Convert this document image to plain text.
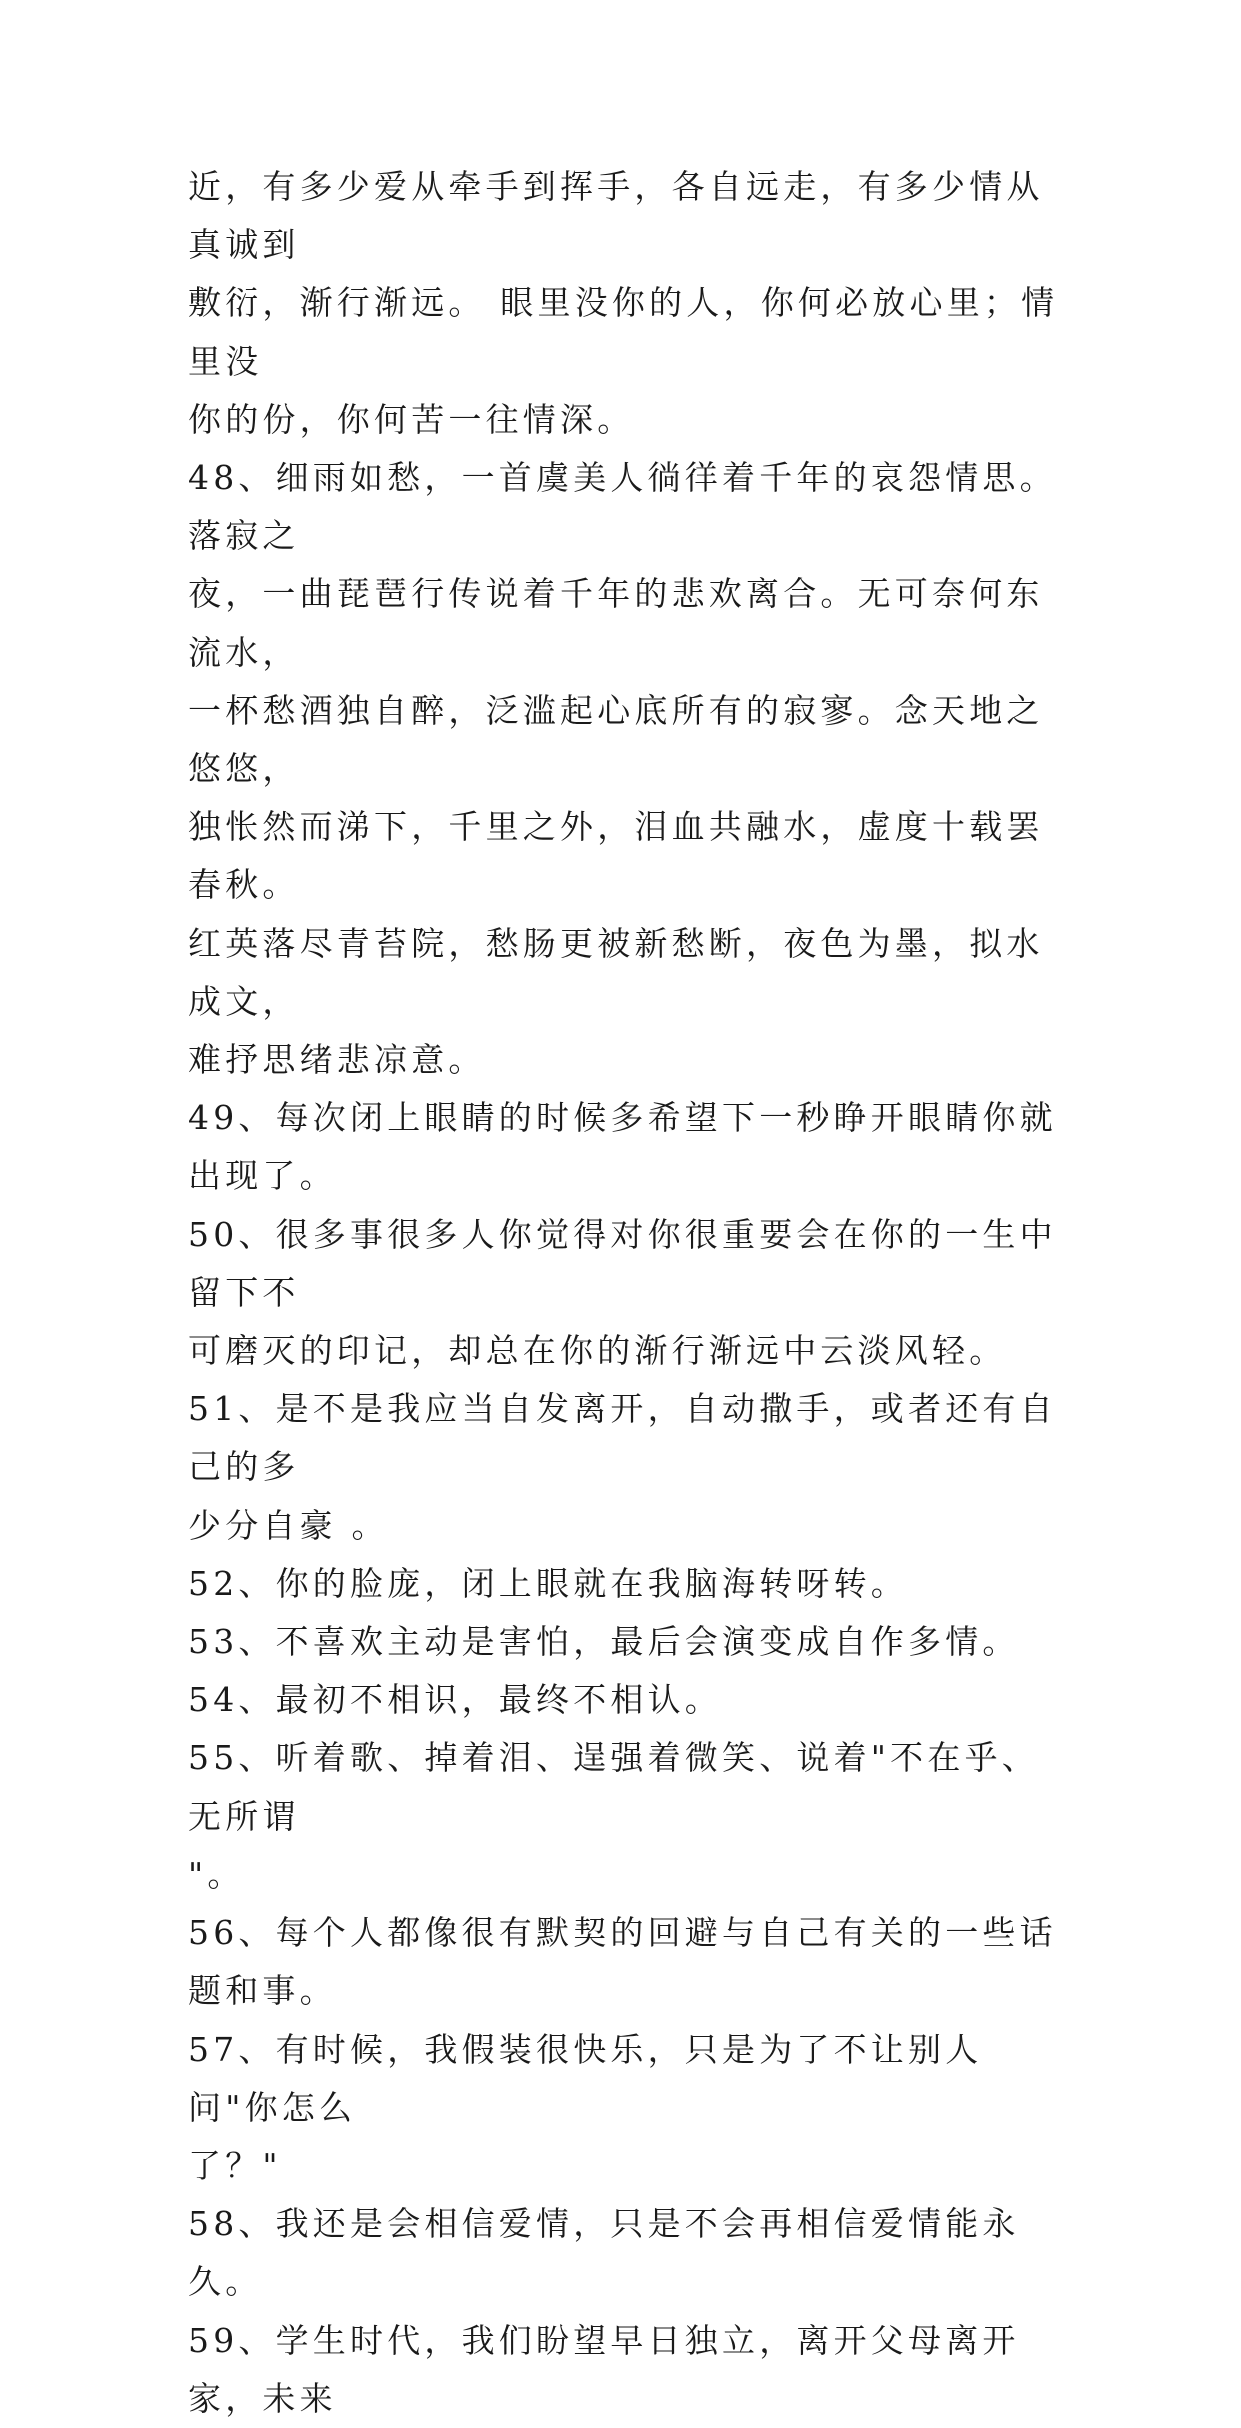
近，有多少爱从牵手到挥手，各自远走，有多少情从真诚到
敷衍，渐行渐远。 眼里没你的人，你何必放心里；情里没
你的份，你何苦一往情深。
48、细雨如愁，一首虞美人徜徉着千年的哀怨情思。落寂之
夜，一曲琵琶行传说着千年的悲欢离合。无可奈何东流水，
一杯愁酒独自醉，泛滥起心底所有的寂寥。念天地之悠悠，
独怅然而涕下，千里之外，泪血共融水，虚度十载罢春秋。
红英落尽青苔院，愁肠更被新愁断，夜色为墨，拟水成文，
难抒思绪悲凉意。
49、每次闭上眼睛的时候多希望下一秒睁开眼睛你就出现了。
50、很多事很多人你觉得对你很重要会在你的一生中留下不
可磨灭的印记，却总在你的渐行渐远中云淡风轻。
51、是不是我应当自发离开，自动撒手，或者还有自己的多
少分自豪 。
52、你的脸庞，闭上眼就在我脑海转呀转。
53、不喜欢主动是害怕，最后会演变成自作多情。
54、最初不相识，最终不相认。
55、听着歌、掉着泪、逞强着微笑、说着"不在乎、无所谓
"。
56、每个人都像很有默契的回避与自己有关的一些话题和事。
57、有时候，我假装很快乐，只是为了不让别人问"你怎么
了？"
58、我还是会相信爱情，只是不会再相信爱情能永久。
59、学生时代，我们盼望早日独立，离开父母离开家，未来
